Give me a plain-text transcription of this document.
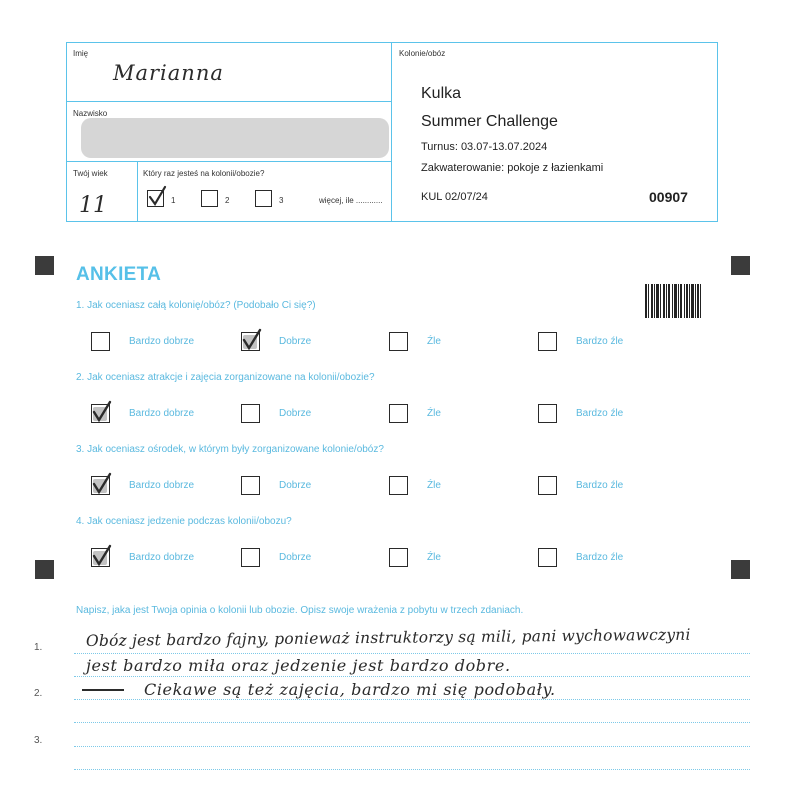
Imię
Marianna
Nazwisko
Twój wiek
11
Który raz jesteś na kolonii/obozie?
1	2	3	więcej, ile ............
Kolonie/obóz
Kulka
Summer Challenge
Turnus: 03.07-13.07.2024
Zakwaterowanie: pokoje z łazienkami
KUL 02/07/24	00907
ANKIETA
1. Jak oceniasz całą kolonię/obóz? (Podobało Ci się?)
Bardzo dobrze	Dobrze	Źle	Bardzo źle
2. Jak oceniasz atrakcje i zajęcia zorganizowane na kolonii/obozie?
Bardzo dobrze	Dobrze	Źle	Bardzo źle
3. Jak oceniasz ośrodek, w którym były zorganizowane kolonie/obóz?
Bardzo dobrze	Dobrze	Źle	Bardzo źle
4. Jak oceniasz jedzenie podczas kolonii/obozu?
Bardzo dobrze	Dobrze	Źle	Bardzo źle
Napisz, jaka jest Twoja opinia o kolonii lub obozie. Opisz swoje wrażenia z pobytu w trzech zdaniach.
1.
2.
3.
Obóz jest bardzo fajny, ponieważ instruktorzy są mili, pani wychowawczyni
jest bardzo miła oraz jedzenie jest bardzo dobre.
Ciekawe są też zajęcia, bardzo mi się podobały.
